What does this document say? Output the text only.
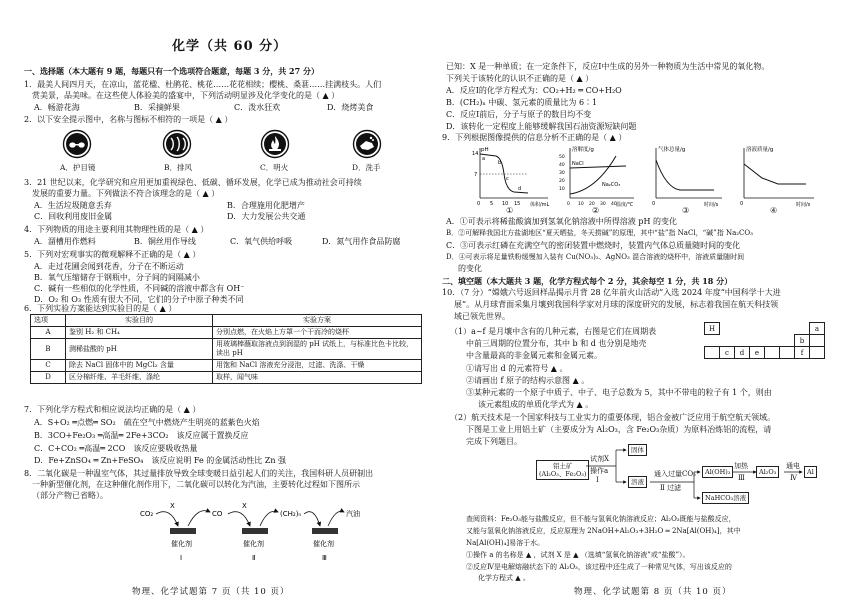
化学（共 60 分）
一、选择题（本大题有 9 题，每题只有一个选项符合题意，每题 3 分，共 27 分）
1．最美人间四月天，在凉山，蓝花楹、杜鹃花、桃花……花花相续；樱桃、桑葚……挂满枝头。人们
赏美景，品美味。在这些使人体验美的盛宴中，下列活动明显涉及化学变化的是（ ▲ ）
A．畅游花海	B．采摘鲜果	C．泼水狂欢	D．烧烤美食
2．以下安全提示图中，名称与图标不相符的一项是（ ▲ ）
A．护目镜	B．排风	C．明火	D．洗手
3．21 世纪以来，化学研究和应用更加重视绿色、低碳、循环发展，化学已成为推动社会可持续
发展的重要力量。下列做法不符合该理念的是（ ▲ ）
A．生活垃圾随意丢弃	B．合理施用化肥增产
C．回收利用废旧金属	D．大力发展公共交通
4．下列物质的用途主要利用其物理性质的是（ ▲ ）
A．溜槽用作燃料	B．铜丝用作导线	C．氧气供给呼吸	D．氮气用作食品防腐
5．下列对宏观事实的微观解释不正确的是（ ▲ ）
A．走过花圃会闻到花香，分子在不断运动
B．氧气压缩储存于钢瓶中，分子间的间隔减小
C．碱有一些相似的化学性质，不同碱的溶液中都含有 OH⁻
D．O₂ 和 O₃ 性质有很大不同，它们的分子中原子种类不同
6．下列实验方案能达到实验目的是（ ▲ ）
选项	实验目的	实验方案
A	鉴别 H₂ 和 CH₄	分别点燃，在火焰上方罩一个干而冷的烧杯
B	测稀盐酸的 pH	用玻璃棒蘸取溶液点到润湿的 pH 试纸上，与标准比色卡比较，读出 pH
C	除去 NaCl 固体中的 MgCl₂ 含量	用饱和 NaCl 溶液充分浸泡，过滤、洗涤、干燥
D	区分棉纤维、羊毛纤维、涤纶	取样，闻气味
7．下列化学方程式和相应说法均正确的是（ ▲ ）
A．S+O₂ ═点燃═ SO₂　硫在空气中燃烧产生明亮的蓝紫色火焰
B．3CO+Fe₂O₃ ═高温═ 2Fe+3CO₂　该反应属于置换反应
C．C+CO₂ ═高温═ 2CO　该反应要吸收热量
D．Fe+ZnSO₄ ═ Zn+FeSO₄　该反应说明 Fe 的金属活动性比 Zn 强
8．二氧化碳是一种温室气体，其过量排放导致全球变暖日益引起人们的关注，我国科研人员研制出
一种新型催化剂，在这种催化剂作用下，二氧化碳可以转化为汽油，主要转化过程如下图所示
（部分产物已省略）。
CO₂
X
CO
X
(CH₂)ₙ	汽油
催化剂	催化剂	催化剂
Ⅰ	Ⅱ	Ⅲ
物理、化学试题第 7 页（共 10 页）
已知：X 是一种单质；在一定条件下，反应Ⅰ中生成的另外一种物质为生活中常见的氧化物。
下列关于该转化的认识不正确的是（ ▲ ）
A．反应Ⅰ的化学方程式为：CO₂+H₂ ═ CO+H₂O
B．(CH₂)ₙ 中碳、氢元素的质量比为 6∶1
C．反应Ⅰ前后，分子与原子的数目均不变
D．该转化一定程度上能够缓解我国石油资源短缺问题
9．下列根据图像提供的信息分析不正确的是（ ▲ ）
pH
体积/mL
14
7
a
b
c
d
0 5 10 15
溶解度/g
温度/℃
50
40
30
20
10
NaCl
Na₂CO₃
0 10 20 30 40
气体总量/g
时间/s
0
溶液质量/g
时间/s
0
①	②	③	④
A．①可表示将稀盐酸滴加到氢氧化钠溶液中所得溶液 pH 的变化
B．②可解释我国北方盐湖地区“夏天晒盐，冬天捞碱”的原理，其中“盐”指 NaCl，“碱”指 Na₂CO₃
C．③可表示红磷在充满空气的密闭装置中燃烧时，装置内气体总质量随时间的变化
D．④可表示将足量铁粉缓慢加入装有 Cu(NO₃)₂、AgNO₃ 混合溶液的烧杯中，溶液质量随时间
的变化
二、填空题（本大题共 3 题，化学方程式每个 2 分，其余每空 1 分，共 18 分）
10．（7 分）“嫦娥六号返回样品揭示月背 28 亿年前火山活动”入选 2024 年度“中国科学十大进
展”。从月球背面采集月壤到我国科学家对月球的深度研究的发展，标志着我国在航天科技领
域已领先世界。
（1）a~f 是月壤中含有的几种元素，右图是它们在周期表
中前三周期的位置分布，其中 b 和 d 也分别是地壳
中含量最高的非金属元素和金属元素。
H							a
						b	
	c	d	e			f	
①请写出 d 的元素符号 ▲ 。
②请画出 f 原子的结构示意图 ▲ 。
③某种元素的一个原子中质子、中子、电子总数为 5，其中不带电的粒子有 1 个，则由
该元素组成的单质化学式为 ▲ 。
（2）航天技术是一个国家科技与工业实力的重要体现，铝合金被广泛应用于航空航天领域。
下图是工业上用铝土矿（主要成分为 Al₂O₃，含 Fe₂O₃杂质）为原料冶炼铝的流程，请
完成下列题目。
铝土矿
(Al₂O₃、Fe₂O₃)
试剂X
操作a
Ⅰ
固体
溶液
通入过量CO₂
Ⅱ 过滤
Al(OH)₃
加热
Ⅲ
Al₂O₃
通电
Ⅳ
Al
NaHCO₃溶液
查阅资料：Fe₂O₃能与盐酸反应，但不能与氢氧化钠溶液反应；Al₂O₃既能与盐酸反应，
又能与氢氧化钠溶液反应，反应原理为 2NaOH+Al₂O₃+3H₂O ═ 2Na[Al(OH)₄]，其中
Na[Al(OH)₄]易溶于水。
①操作 a 的名称是 ▲ ，试剂 X 是 ▲ （选填“氢氧化钠溶液”或“盐酸”）。
②反应Ⅳ是电解熔融状态下的 Al₂O₃，该过程中还生成了一种常见气体，写出该反应的
化学方程式 ▲ 。
物理、化学试题第 8 页（共 10 页）
